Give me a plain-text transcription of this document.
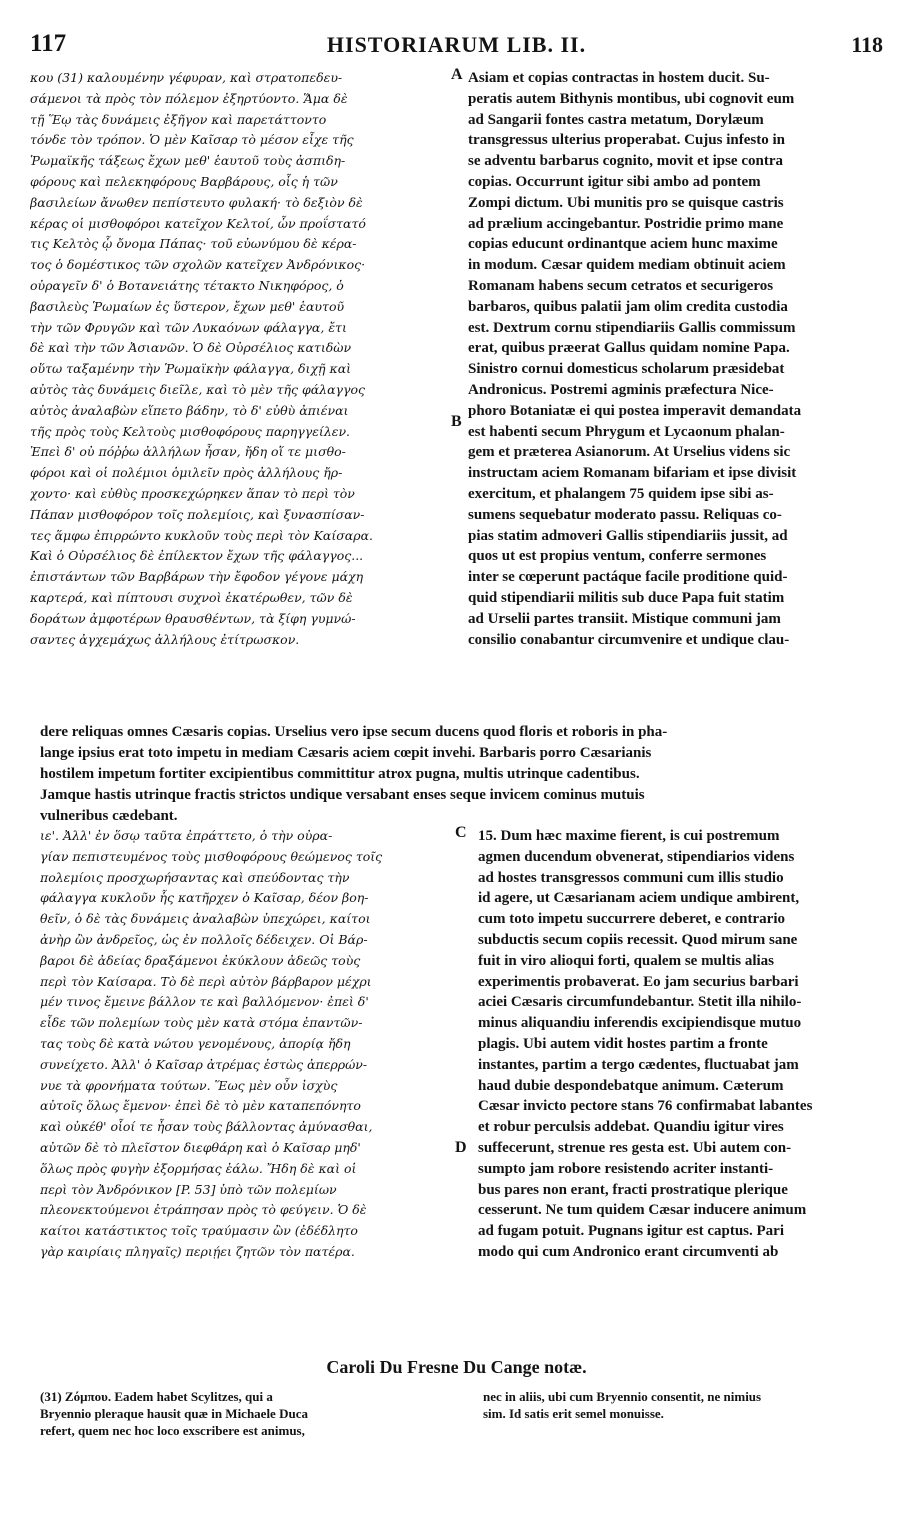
117	HISTORIARUM LIB. II.	118
κου (31) καλουμένην γέφυραν, καὶ στρατοπεδευ-
σάμενοι τὰ πρὸς τὸν πόλεμον ἐξηρτύοντο. Ἅμα δὲ
τῇ Ἕῳ τὰς δυνάμεις ἐξῆγον καὶ παρετάττοντο
τόνδε τὸν τρόπον. Ὁ μὲν Καῖσαρ τὸ μέσον εἶχε τῆς
Ῥωμαϊκῆς τάξεως ἔχων μεθ' ἑαυτοῦ τοὺς ἀσπιδη-
φόρους καὶ πελεκηφόρους Βαρβάρους, οἷς ἡ τῶν
βασιλείων ἄνωθεν πεπίστευτο φυλακή· τὸ δεξιὸν δὲ
κέρας οἱ μισθοφόροι κατεῖχον Κελτοί, ὧν προΐστατό
τις Κελτὸς ᾧ ὄνομα Πάπας· τοῦ εὐωνύμου δὲ κέρα-
τος ὁ δομέστικος τῶν σχολῶν κατεῖχεν Ἀνδρόνικος·
οὐραγεῖν δ' ὁ Βοτανειάτης τέτακτο Νικηφόρος, ὁ
βασιλεὺς Ῥωμαίων ἐς ὕστερον, ἔχων μεθ' ἑαυτοῦ
τὴν τῶν Φρυγῶν καὶ τῶν Λυκαόνων φάλαγγα, ἔτι
δὲ καὶ τὴν τῶν Ἀσιανῶν. Ὁ δὲ Οὐρσέλιος κατιδὼν
οὕτω ταξαμένην τὴν Ῥωμαϊκὴν φάλαγγα, διχῇ καὶ
αὐτὸς τὰς δυνάμεις διεῖλε, καὶ τὸ μὲν τῆς φάλαγγος
αὐτὸς ἀναλαβὼν εἵπετο βάδην, τὸ δ' εὐθὺ ἀπιέναι
τῆς πρὸς τοὺς Κελτοὺς μισθοφόρους παρηγγείλεν.
Ἐπεὶ δ' οὐ πόῤῥω ἀλλήλων ἦσαν, ἤδη οἵ τε μισθο-
φόροι καὶ οἱ πολέμιοι ὁμιλεῖν πρὸς ἀλλήλους ἤρ-
χοντο· καὶ εὐθὺς προσκεχώρηκεν ἅπαν τὸ περὶ τὸν
Πάπαν μισθοφόρον τοῖς πολεμίοις, καὶ ξυνασπίσαν-
τες ἅμφω ἐπιρρώντο κυκλοῦν τοὺς περὶ τὸν Καίσαρα.
Καὶ ὁ Οὐρσέλιος δὲ ἐπίλεκτον ἔχων τῆς φάλαγγος...
ἐπιστάντων τῶν Βαρβάρων τὴν ἔφοδον γέγονε μάχη
καρτερά, καὶ πίπτουσι συχνοὶ ἑκατέρωθεν, τῶν δὲ
δοράτων ἀμφοτέρων θραυσθέντων, τὰ ξίφη γυμνώ-
σαντες ἀγχεμάχως ἀλλήλους ἐτίτρωσκον.
Asiam et copias contractas in hostem ducit. Su-
peratis autem Bithynis montibus, ubi cognovit eum
ad Sangarii fontes castra metatum, Dorylæum
transgressus ulterius properabat. Cujus infesto in
se adventu barbarus cognito, movit et ipse contra
copias. Occurrunt igitur sibi ambo ad pontem
Zompi dictum. Ubi munitis pro se quisque castris
ad prælium accingebantur. Postridie primo mane
copias educunt ordinantque aciem hunc maxime
in modum. Cæsar quidem mediam obtinuit aciem
Romanam habens secum cetratos et securigeros
barbaros, quibus palatii jam olim credita custodia
est. Dextrum cornu stipendiariis Gallis commissum
erat, quibus præerat Gallus quidam nomine Papa.
Sinistro cornui domesticus scholarum præsidebat
Andronicus. Postremi agminis præfectura Nice-
phoro Botaniatæ ei qui postea imperavit demandata
est habenti secum Phrygum et Lycaonum phalan-
gem et præterea Asianorum. At Urselius videns sic
instructam aciem Romanam bifariam et ipse divisit
exercitum, et phalangem 75 quidem ipse sibi as-
sumens sequebatur moderato passu. Reliquas co-
pias statim admoveri Gallis stipendiariis jussit, ad
quos ut est propius ventum, conferre sermones
inter se cœperunt pactáque facile proditione quid-
quid stipendiarii militis sub duce Papa fuit statim
ad Urselii partes transiit. Mistique communi jam
consilio conabantur circumvenire et undique clau-
A
B
dere reliquas omnes Cæsaris copias. Urselius vero ipse secum ducens quod floris et roboris in pha-
lange ipsius erat toto impetu in mediam Cæsaris aciem cœpit invehi. Barbaris porro Cæsarianis
hostilem impetum fortiter excipientibus committitur atrox pugna, multis utrinque cadentibus.
Jamque hastis utrinque fractis strictos undique versabant enses seque invicem cominus mutuis
vulneribus cædebant.
ιε'. Ἀλλ' ἐν ὅσῳ ταῦτα ἐπράττετο, ὁ τὴν οὐρα-
γίαν πεπιστευμένος τοὺς μισθοφόρους θεώμενος τοῖς
πολεμίοις προσχωρήσαντας καὶ σπεύδοντας τὴν
φάλαγγα κυκλοῦν ἧς κατῆρχεν ὁ Καῖσαρ, δέον βοη-
θεῖν, ὁ δὲ τὰς δυνάμεις ἀναλαβὼν ὑπεχώρει, καίτοι
ἀνὴρ ὢν ἀνδρεῖος, ὡς ἐν πολλοῖς δέδειχεν. Οἱ Βάρ-
βαροι δὲ ἀδείας δραξάμενοι ἐκύκλουν ἀδεῶς τοὺς
περὶ τὸν Καίσαρα. Τὸ δὲ περὶ αὐτὸν βάρβαρον μέχρι
μέν τινος ἔμεινε βάλλον τε καὶ βαλλόμενον· ἐπεὶ δ'
εἶδε τῶν πολεμίων τοὺς μὲν κατὰ στόμα ἐπαντῶν-
τας τοὺς δὲ κατὰ νώτου γενομένους, ἀπορίᾳ ἤδη
συνείχετο. Ἀλλ' ὁ Καῖσαρ ἀτρέμας ἑστὼς ἀπερρών-
νυε τὰ φρονήματα τούτων. Ἕως μὲν οὖν ἰσχὺς
αὐτοῖς ὅλως ἔμενον· ἐπεὶ δὲ τὸ μὲν καταπεπόνητο
καὶ οὐκέθ' οἷοί τε ἦσαν τοὺς βάλλοντας ἀμύνασθαι,
αὐτῶν δὲ τὸ πλεῖστον διεφθάρη καὶ ὁ Καῖσαρ μηδ'
ὅλως πρὸς φυγὴν ἐξορμήσας ἑάλω. Ἤδη δὲ καὶ οἱ
περὶ τὸν Ἀνδρόνικον [P. 53] ὑπὸ τῶν πολεμίων
πλεονεκτούμενοι ἐτράπησαν πρὸς τὸ φεύγειν. Ὁ δὲ
καίτοι κατάστικτος τοῖς τραύμασιν ὢν (ἐδέδλητο
γὰρ καιρίαις πληγαῖς) περιῄει ζητῶν τὸν πατέρα.
15. Dum hæc maxime fierent, is cui postremum
agmen ducendum obvenerat, stipendiarios videns
ad hostes transgressos communi cum illis studio
id agere, ut Cæsarianam aciem undique ambirent,
cum toto impetu succurrere deberet, e contrario
subductis secum copiis recessit. Quod mirum sane
fuit in viro alioqui forti, qualem se multis alias
experimentis probaverat. Eo jam securius barbari
aciei Cæsaris circumfundebantur. Stetit illa nihilo-
minus aliquandiu inferendis excipiendisque mutuo
plagis. Ubi autem vidit hostes partim a fronte
instantes, partim a tergo cædentes, fluctuabat jam
haud dubie despondebatque animum. Cæterum
Cæsar invicto pectore stans 76 confirmabat labantes
et robur perculsis addebat. Quandiu igitur vires
suffecerunt, strenue res gesta est. Ubi autem con-
sumpto jam robore resistendo acriter instanti-
bus pares non erant, fracti prostratique plerique
cesserunt. Ne tum quidem Cæsar inducere animum
ad fugam potuit. Pugnans igitur est captus. Pari
modo qui cum Andronico erant circumventi ab
C
D
Caroli Du Fresne Du Cange notæ.
(31) Ζόμπου. Eadem habet Scylitzes, qui a
Bryennio pleraque hausit quæ in Michaele Duca
refert, quem nec hoc loco exscribere est animus,
nec in aliis, ubi cum Bryennio consentit, ne nimius
sim. Id satis erit semel monuisse.
